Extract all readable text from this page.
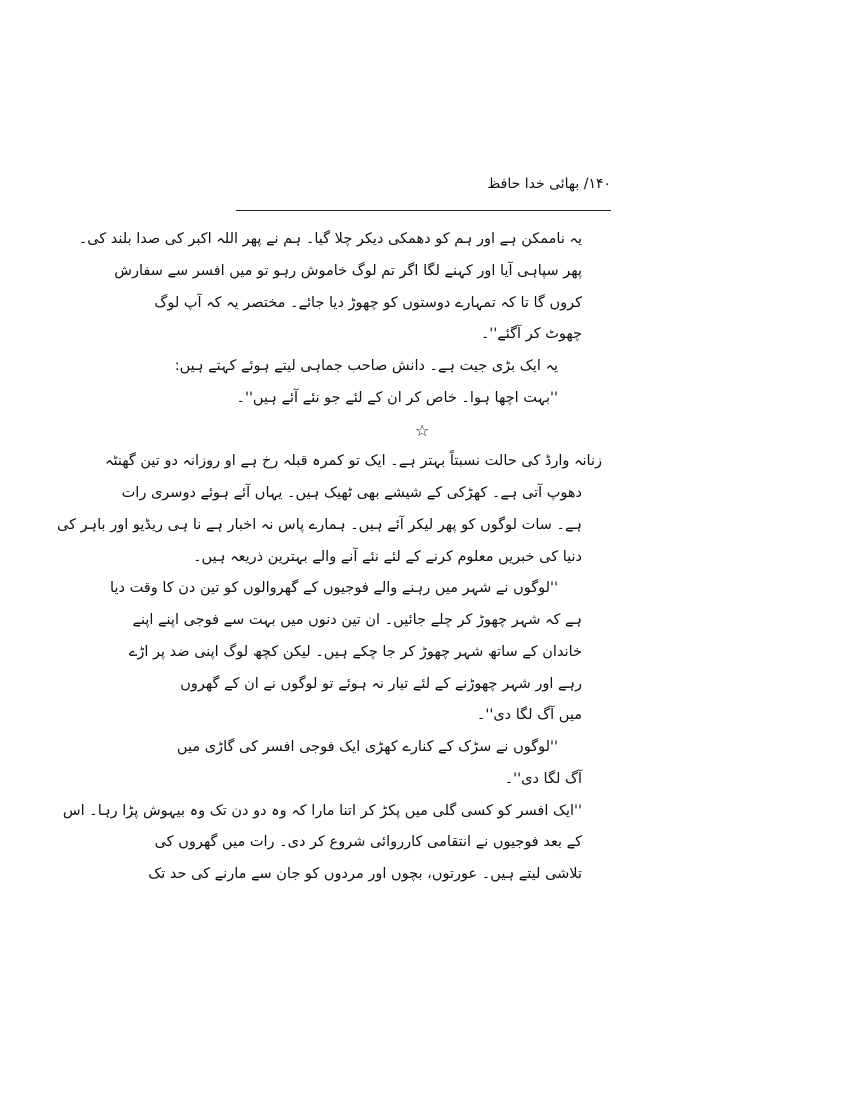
۱۴۰/ بھائی خدا حافظ
یہ ناممکن ہے اور ہم کو دھمکی دیکر چلا گیا۔ ہم نے پھر اللہ اکبر کی صدا بلند کی۔
پھر سپاہی آیا اور کہنے لگا اگر تم لوگ خاموش رہو تو میں افسر سے سفارش
کروں گا تا کہ تمہارے دوستوں کو چھوڑ دیا جائے۔ مختصر یہ کہ آپ لوگ
چھوٹ کر آگئے''۔
یہ ایک بڑی جیت ہے۔ دانش صاحب جماہی لیتے ہوئے کہتے ہیں:
''بہت اچھا ہوا۔ خاص کر ان کے لئے جو نئے آئے ہیں''۔
☆
زنانہ وارڈ کی حالت نسبتاً بہتر ہے۔ ایک تو کمرہ قبلہ رخ ہے او روزانہ دو تین گھنٹہ
دھوپ آتی ہے۔ کھڑکی کے شیشے بھی ٹھیک ہیں۔ یہاں آئے ہوئے دوسری رات
ہے۔ سات لوگوں کو پھر لیکر آئے ہیں۔ ہمارے پاس نہ اخبار ہے نا ہی ریڈیو اور باہر کی
دنیا کی خبریں معلوم کرنے کے لئے نئے آنے والے بہترین ذریعہ ہیں۔
''لوگوں نے شہر میں رہنے والے فوجیوں کے گھروالوں کو تین دن کا وقت دیا
ہے کہ شہر چھوڑ کر چلے جائیں۔ ان تین دنوں میں بہت سے فوجی اپنے اپنے
خاندان کے ساتھ شہر چھوڑ کر جا چکے ہیں۔ لیکن کچھ لوگ اپنی ضد پر اڑے
رہے اور شہر چھوڑنے کے لئے تیار نہ ہوئے تو لوگوں نے ان کے گھروں
میں آگ لگا دی''۔
''لوگوں نے سڑک کے کنارے کھڑی ایک فوجی افسر کی گاڑی میں
آگ لگا دی''۔
''ایک افسر کو کسی گلی میں پکڑ کر اتنا مارا کہ وہ دو دن تک وہ بیہوش پڑا رہا۔ اس
کے بعد فوجیوں نے انتقامی کارروائی شروع کر دی۔ رات میں گھروں کی
تلاشی لیتے ہیں۔ عورتوں، بچوں اور مردوں کو جان سے مارنے کی حد تک
